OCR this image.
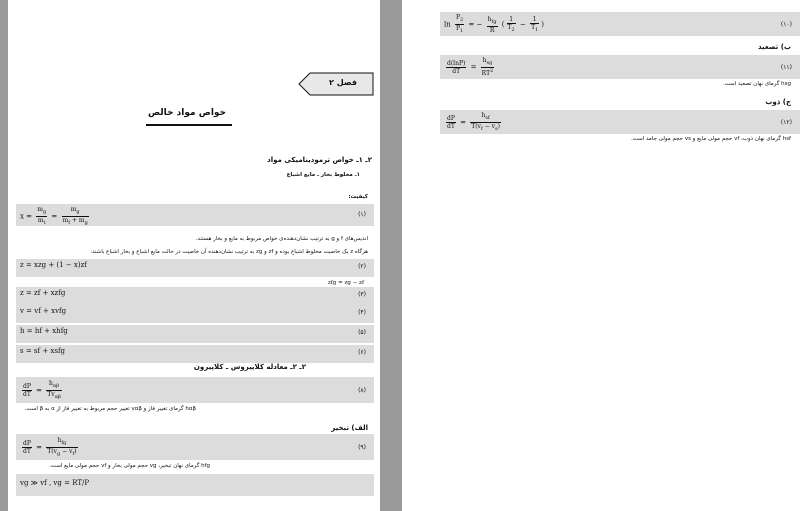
فصل ۲
خواص مواد خالص
۲ـ ۱ـ خواص ترمودینامیکی مواد
۱ـ مخلوط بخار ـ مایع اشباع
کیفیت:
$x = \frac{m_g}{m_t} = \frac{m_g}{m_f + m_g}$	(۱)
اندیس‌های f و g به ترتیب نشان‌دهنده‌ی خواص مربوط به مایع و بخار هستند.
هرگاه z یک خاصیت مخلوط اشباع بوده و zf و zg به ترتیب نشان‌دهنده آن خاصیت در حالت مایع اشباع و بخار اشباع باشند:
z = xzg + (1 − x)zf	(۲)
zfg = zg − zf
z = zf + xzfg	(۳)
v = vf + xvfg	(۴)
h = hf + xhfg	(۵)
s = sf + xsfg	(۶)
۲ـ ۲ـ معادله کلاپیروس ـ کلاپیرون
$\frac{dP}{dT} = \frac{h_{\alpha\beta}}{Tv_{\alpha\beta}}$	(۸)
hαβ گرمای تغییر فاز و vαβ تغییر حجم مربوط به تغییر فاز از α به β است.
الف) تبخیر
$\frac{dP}{dT} = \frac{h_{fg}}{T(v_g - v_f)}$	(۹)
hfg گرمای نهان تبخیر، vg حجم مولی بخار و vf حجم مولی مایع است.
vg ≫ vf , vg = RT/P
$\ln \frac{P_2}{P_1}$ = − $\frac{h_{fg}}{R}$ ( $\frac{1}{T_2} - \frac{1}{T_1}$ )	(۱۰)
ب) تصعید
$\frac{d(\ln P)}{dT} = \frac{h_{sg}}{RT^2}$	(۱۱)
hsg گرمای نهان تصعید است.
ج) ذوب
$\frac{dP}{dT} = \frac{h_{sf}}{T(v_f - v_s)}$	(۱۲)
hsf گرمای نهان ذوب، vf حجم مولی مایع و vs حجم مولی جامد است.
